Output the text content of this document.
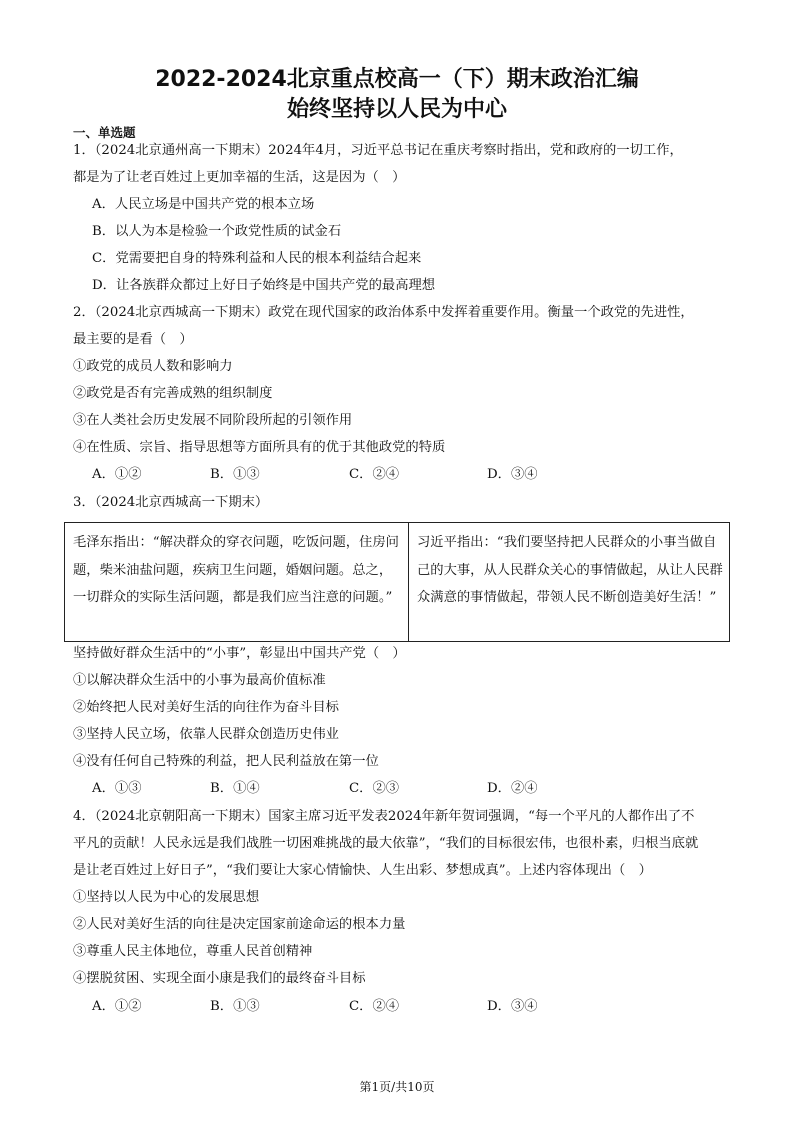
2022-2024北京重点校高一（下）期末政治汇编
始终坚持以人民为中心
一、单选题
1．（2024北京通州高一下期末）2024年4月，习近平总书记在重庆考察时指出，党和政府的一切工作，
都是为了让老百姓过上更加幸福的生活，这是因为（　）
A．人民立场是中国共产党的根本立场
B．以人为本是检验一个政党性质的试金石
C．党需要把自身的特殊利益和人民的根本利益结合起来
D．让各族群众都过上好日子始终是中国共产党的最高理想
2．（2024北京西城高一下期末）政党在现代国家的政治体系中发挥着重要作用。衡量一个政党的先进性，
最主要的是看（　）
①政党的成员人数和影响力
②政党是否有完善成熟的组织制度
③在人类社会历史发展不同阶段所起的引领作用
④在性质、宗旨、指导思想等方面所具有的优于其他政党的特质
A．①②	B．①③	C．②④	D．③④
3．（2024北京西城高一下期末）
毛泽东指出：“解决群众的穿衣问题，吃饭问题，住房问题，柴米油盐问题，疾病卫生问题，婚姻问题。总之，一切群众的实际生活问题，都是我们应当注意的问题。”
习近平指出：“我们要坚持把人民群众的小事当做自己的大事，从人民群众关心的事情做起，从让人民群众满意的事情做起，带领人民不断创造美好生活！”
坚持做好群众生活中的“小事”，彰显出中国共产党（　）
①以解决群众生活中的小事为最高价值标准
②始终把人民对美好生活的向往作为奋斗目标
③坚持人民立场，依靠人民群众创造历史伟业
④没有任何自己特殊的利益，把人民利益放在第一位
A．①③	B．①④	C．②③	D．②④
4．（2024北京朝阳高一下期末）国家主席习近平发表2024年新年贺词强调，“每一个平凡的人都作出了不
平凡的贡献！人民永远是我们战胜一切困难挑战的最大依靠”，“我们的目标很宏伟，也很朴素，归根当底就
是让老百姓过上好日子”，“我们要让大家心情愉快、人生出彩、梦想成真”。上述内容体现出（　）
①坚持以人民为中心的发展思想
②人民对美好生活的向往是决定国家前途命运的根本力量
③尊重人民主体地位，尊重人民首创精神
④摆脱贫困、实现全面小康是我们的最终奋斗目标
A．①②	B．①③	C．②④	D．③④
第1页/共10页
